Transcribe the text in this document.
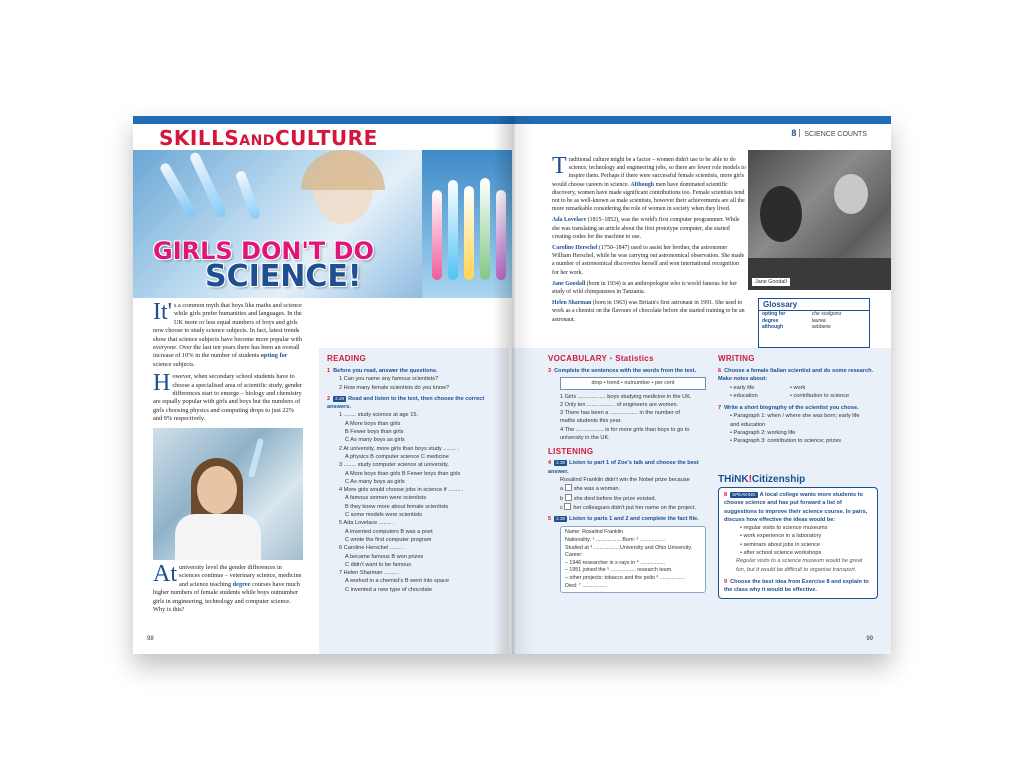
SKILLSANDCULTURE
GIRLS DON'T DO
SCIENCE!

It' s a common myth that boys like maths and science while girls prefer humanities and languages. In the UK more or less equal numbers of boys and girls now choose to study science subjects. In fact, latest trends show that science subjects have become more popular with everyone. Over the last ten years there has been an overall increase of 10% in the number of students opting for science subjects.

However, when secondary school students have to choose a specialised area of scientific study, gender differences start to emerge – biology and chemistry are equally popular with girls and boys but the numbers of girls choosing physics and computing drops to just 22% and 9% respectively.

At university level the gender differences in sciences continue – veterinary science, medicine and science teaching degree courses have much higher numbers of female students while boys outnumber girls in engineering, technology and computer science.
Why is this?

READING
1 Before you read, answer the questions.
1 Can you name any famous scientists?
2 How many female scientists do you know?
2 2.29 Read and listen to the text, then choose the correct answers.
1 ........ study science at age 15.
A More boys than girls
B Fewer boys than girls
C As many boys as girls
2 At university, more girls than boys study ........ .
A physics B computer science C medicine
3 ........ study computer science at university.
A More boys than girls B Fewer boys than girls
C As many boys as girls
4 More girls would choose jobs in science if ........ .
A famous women were scientists
B they knew more about female scientists
C some models were scientists
5 Ada Lovelace ........ .
A invented computers B was a poet
C wrote the first computer program
6 Caroline Herschel ........ .
A became famous B won prizes
C didn't want to be famous
7 Helen Sharman ........ .
A worked in a chemist's B went into space
C invented a new type of chocolate
98
8 SCIENCE COUNTS

Traditional culture might be a factor – women didn't use to be able to do science, technology and engineering jobs, so there are fewer role models to inspire them. Perhaps if there were successful female scientists, more girls would choose careers in science. Although men have dominated scientific discovery, women have made significant contributions too. Female scientists tend not to be as well-known as male scientists, however their achievements are all the more remarkable considering the role of women in society when they lived.

Ada Lovelace (1815–1852), was the world's first computer programmer. While she was translating an article about the first prototype computer, she started creating codes for the machine to use.

Caroline Herschel (1750–1847) used to assist her brother, the astronomer William Herschel, while he was carrying out astronomical observation. She made a number of astronomical discoveries herself and won international recognition for her work.

Jane Goodall (born in 1934) is an anthropologist who is world famous for her study of wild chimpanzees in Tanzania.

Helen Sharman (born in 1963) was Britain's first astronaut in 1991. She used to work as a chemist on the flavours of chocolate before she started training to be an astronaut.

Jane Goodall
Glossary
opting for	che scelgono
degree	laurea
although	sebbene
VOCABULARY • Statistics
3 Complete the sentences with the words from the text.
drop • trend • outnumber • per cent
1 Girls .................. boys studying medicine in the UK.
2 Only ten .................. of engineers are women.
3 There has been a .................. in the number of
maths students this year.
4 The .................. is for more girls than boys to go to
university in the UK.
LISTENING
4 2.30 Listen to part 1 of Zoe's talk and choose the best answer.
Rosalind Franklin didn't win the Nobel prize because
a she was a woman.
b she died before the prize existed.
c her colleagues didn't put her name on the project.
5 2.30 Listen to parts 1 and 2 and complete the fact file.
Name: Rosalind Franklin
Nationality: ¹ ................. Born: ² .................
Studied at ³ ................. University and Ohio University.
Career:
– 1946 researcher in x-rays in ⁴ .................
– 1951 joined the ⁵ ................. research team.
– other projects: tobacco and the polio ⁶ .................
Died: ⁷ .................
WRITING
6 Choose a female Italian scientist and do some research. Make notes about:
• early life
• education
• work
• contribution to science
7 Write a short biography of the scientist you chose.
• Paragraph 1: when / where she was born; early life
and education
• Paragraph 2: working life
• Paragraph 3: contribution to science; prizes
THiNK!Citizenship
8 SPEAKING A local college wants more students to choose science and has put forward a list of suggestions to improve their science course. In pairs, discuss how effective the ideas would be:
• regular visits to science museums
• work experience in a laboratory
• seminars about jobs in science
• after school science workshops
Regular visits to a science museum would be great fun, but it would be difficult to organise transport.
9 Choose the best idea from Exercise 8 and explain to the class why it would be effective.
99
